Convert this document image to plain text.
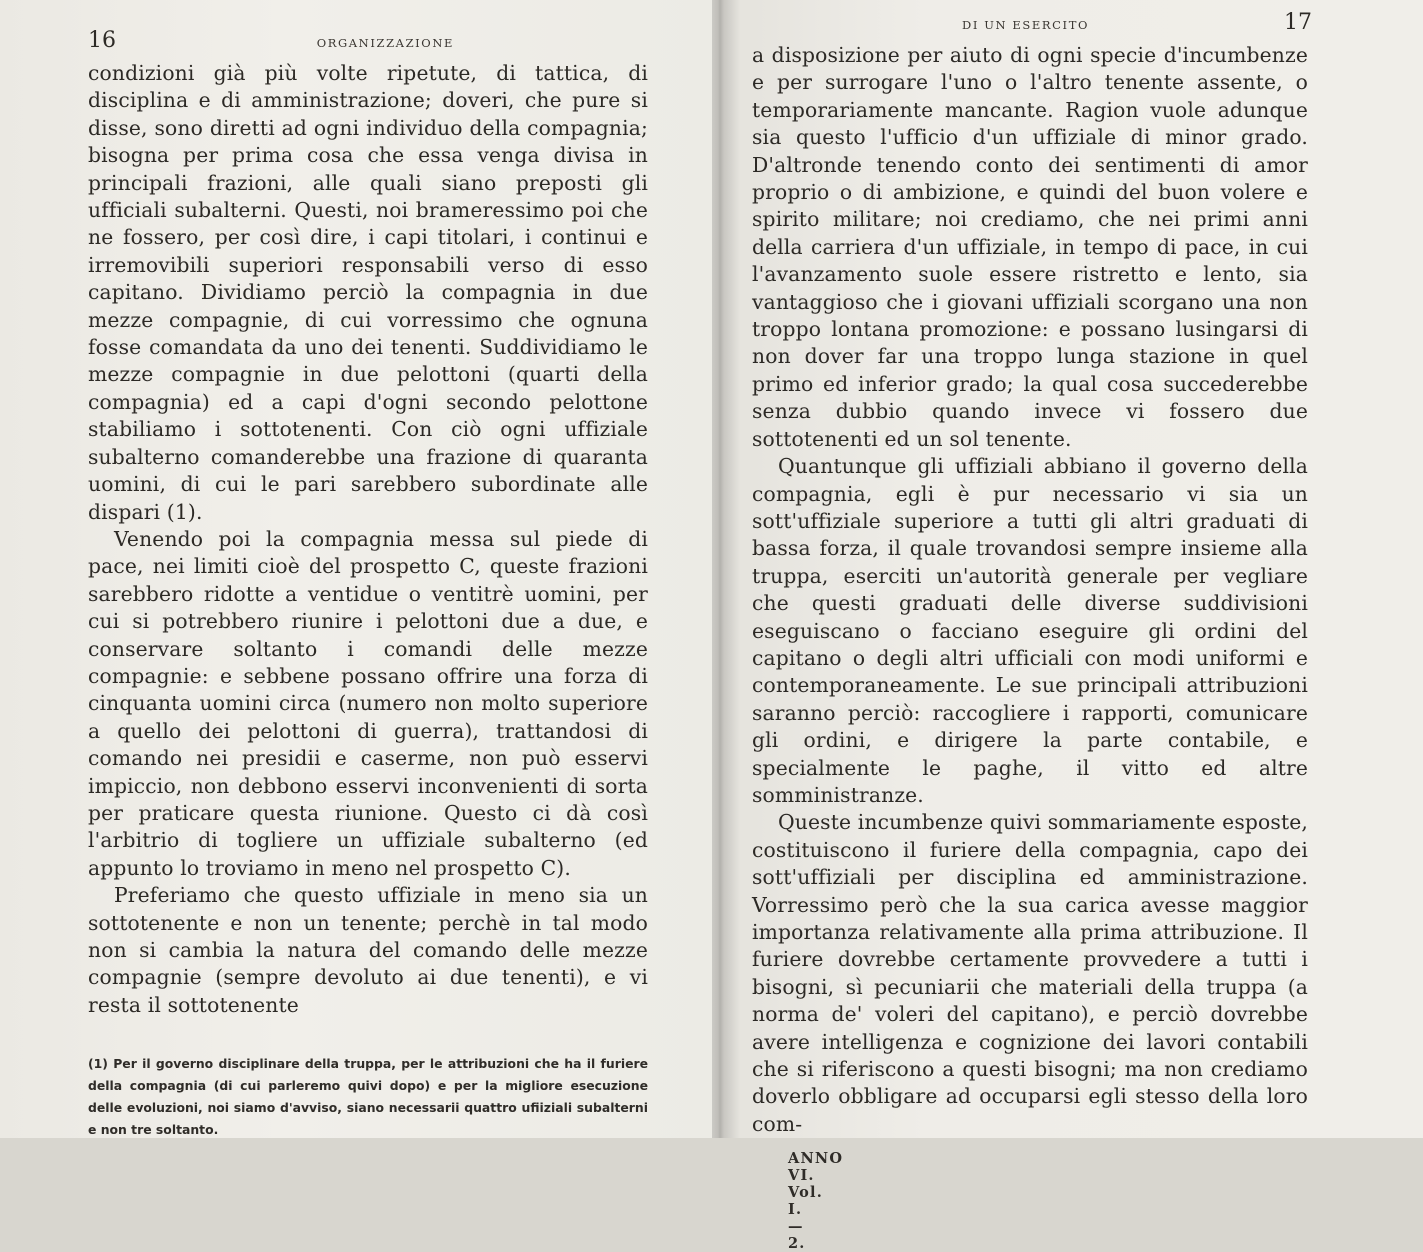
16	ORGANIZZAZIONE

condizioni già più volte ripetute, di tattica, di disciplina e di amministrazione; doveri, che pure si disse, sono diretti ad ogni individuo della compagnia; bisogna per prima cosa che essa venga divisa in principali frazioni, alle quali siano preposti gli ufficiali subalterni. Questi, noi brameressimo poi che ne fossero, per così dire, i capi titolari, i continui e irremovibili superiori responsabili verso di esso capitano. Dividiamo perciò la compagnia in due mezze compagnie, di cui vorressimo che ognuna fosse comandata da uno dei tenenti. Suddividiamo le mezze compagnie in due pelottoni (quarti della compagnia) ed a capi d'ogni secondo pelottone stabiliamo i sottotenenti. Con ciò ogni uffiziale subalterno comanderebbe una frazione di quaranta uomini, di cui le pari sarebbero subordinate alle dispari (1).

Venendo poi la compagnia messa sul piede di pace, nei limiti cioè del prospetto C, queste frazioni sarebbero ridotte a ventidue o ventitrè uomini, per cui si potrebbero riunire i pelottoni due a due, e conservare soltanto i comandi delle mezze compagnie: e sebbene possano offrire una forza di cinquanta uomini circa (numero non molto superiore a quello dei pelottoni di guerra), trattandosi di comando nei presidii e caserme, non può esservi impiccio, non debbono esservi inconvenienti di sorta per praticare questa riunione. Questo ci dà così l'arbitrio di togliere un uffiziale subalterno (ed appunto lo troviamo in meno nel prospetto C).

Preferiamo che questo uffiziale in meno sia un sottotenente e non un tenente; perchè in tal modo non si cambia la natura del comando delle mezze compagnie (sempre devoluto ai due tenenti), e vi resta il sottotenente

(1) Per il governo disciplinare della truppa, per le attribuzioni che ha il furiere della compagnia (di cui parleremo quivi dopo) e per la migliore esecuzione delle evoluzioni, noi siamo d'avviso, siano necessarii quattro ufiiziali subalterni e non tre soltanto.
DI UN ESERCITO	17

a disposizione per aiuto di ogni specie d'incumbenze e per surrogare l'uno o l'altro tenente assente, o temporariamente mancante. Ragion vuole adunque sia questo l'ufficio d'un uffiziale di minor grado. D'altronde tenendo conto dei sentimenti di amor proprio o di ambizione, e quindi del buon volere e spirito militare; noi crediamo, che nei primi anni della carriera d'un uffiziale, in tempo di pace, in cui l'avanzamento suole essere ristretto e lento, sia vantaggioso che i giovani uffiziali scorgano una non troppo lontana promozione: e possano lusingarsi di non dover far una troppo lunga stazione in quel primo ed inferior grado; la qual cosa succederebbe senza dubbio quando invece vi fossero due sottotenenti ed un sol tenente.

Quantunque gli uffiziali abbiano il governo della compagnia, egli è pur necessario vi sia un sott'uffiziale superiore a tutti gli altri graduati di bassa forza, il quale trovandosi sempre insieme alla truppa, eserciti un'autorità generale per vegliare che questi graduati delle diverse suddivisioni eseguiscano o facciano eseguire gli ordini del capitano o degli altri ufficiali con modi uniformi e contemporaneamente. Le sue principali attribuzioni saranno perciò: raccogliere i rapporti, comunicare gli ordini, e dirigere la parte contabile, e specialmente le paghe, il vitto ed altre somministranze.

Queste incumbenze quivi sommariamente esposte, costituiscono il furiere della compagnia, capo dei sott'uffiziali per disciplina ed amministrazione. Vorressimo però che la sua carica avesse maggior importanza relativamente alla prima attribuzione. Il furiere dovrebbe certamente provvedere a tutti i bisogni, sì pecuniarii che materiali della truppa (a norma de' voleri del capitano), e perciò dovrebbe avere intelligenza e cognizione dei lavori contabili che si riferiscono a questi bisogni; ma non crediamo doverlo obbligare ad occuparsi egli stesso della loro com-

ANNO VI. Vol. I. — 2.
